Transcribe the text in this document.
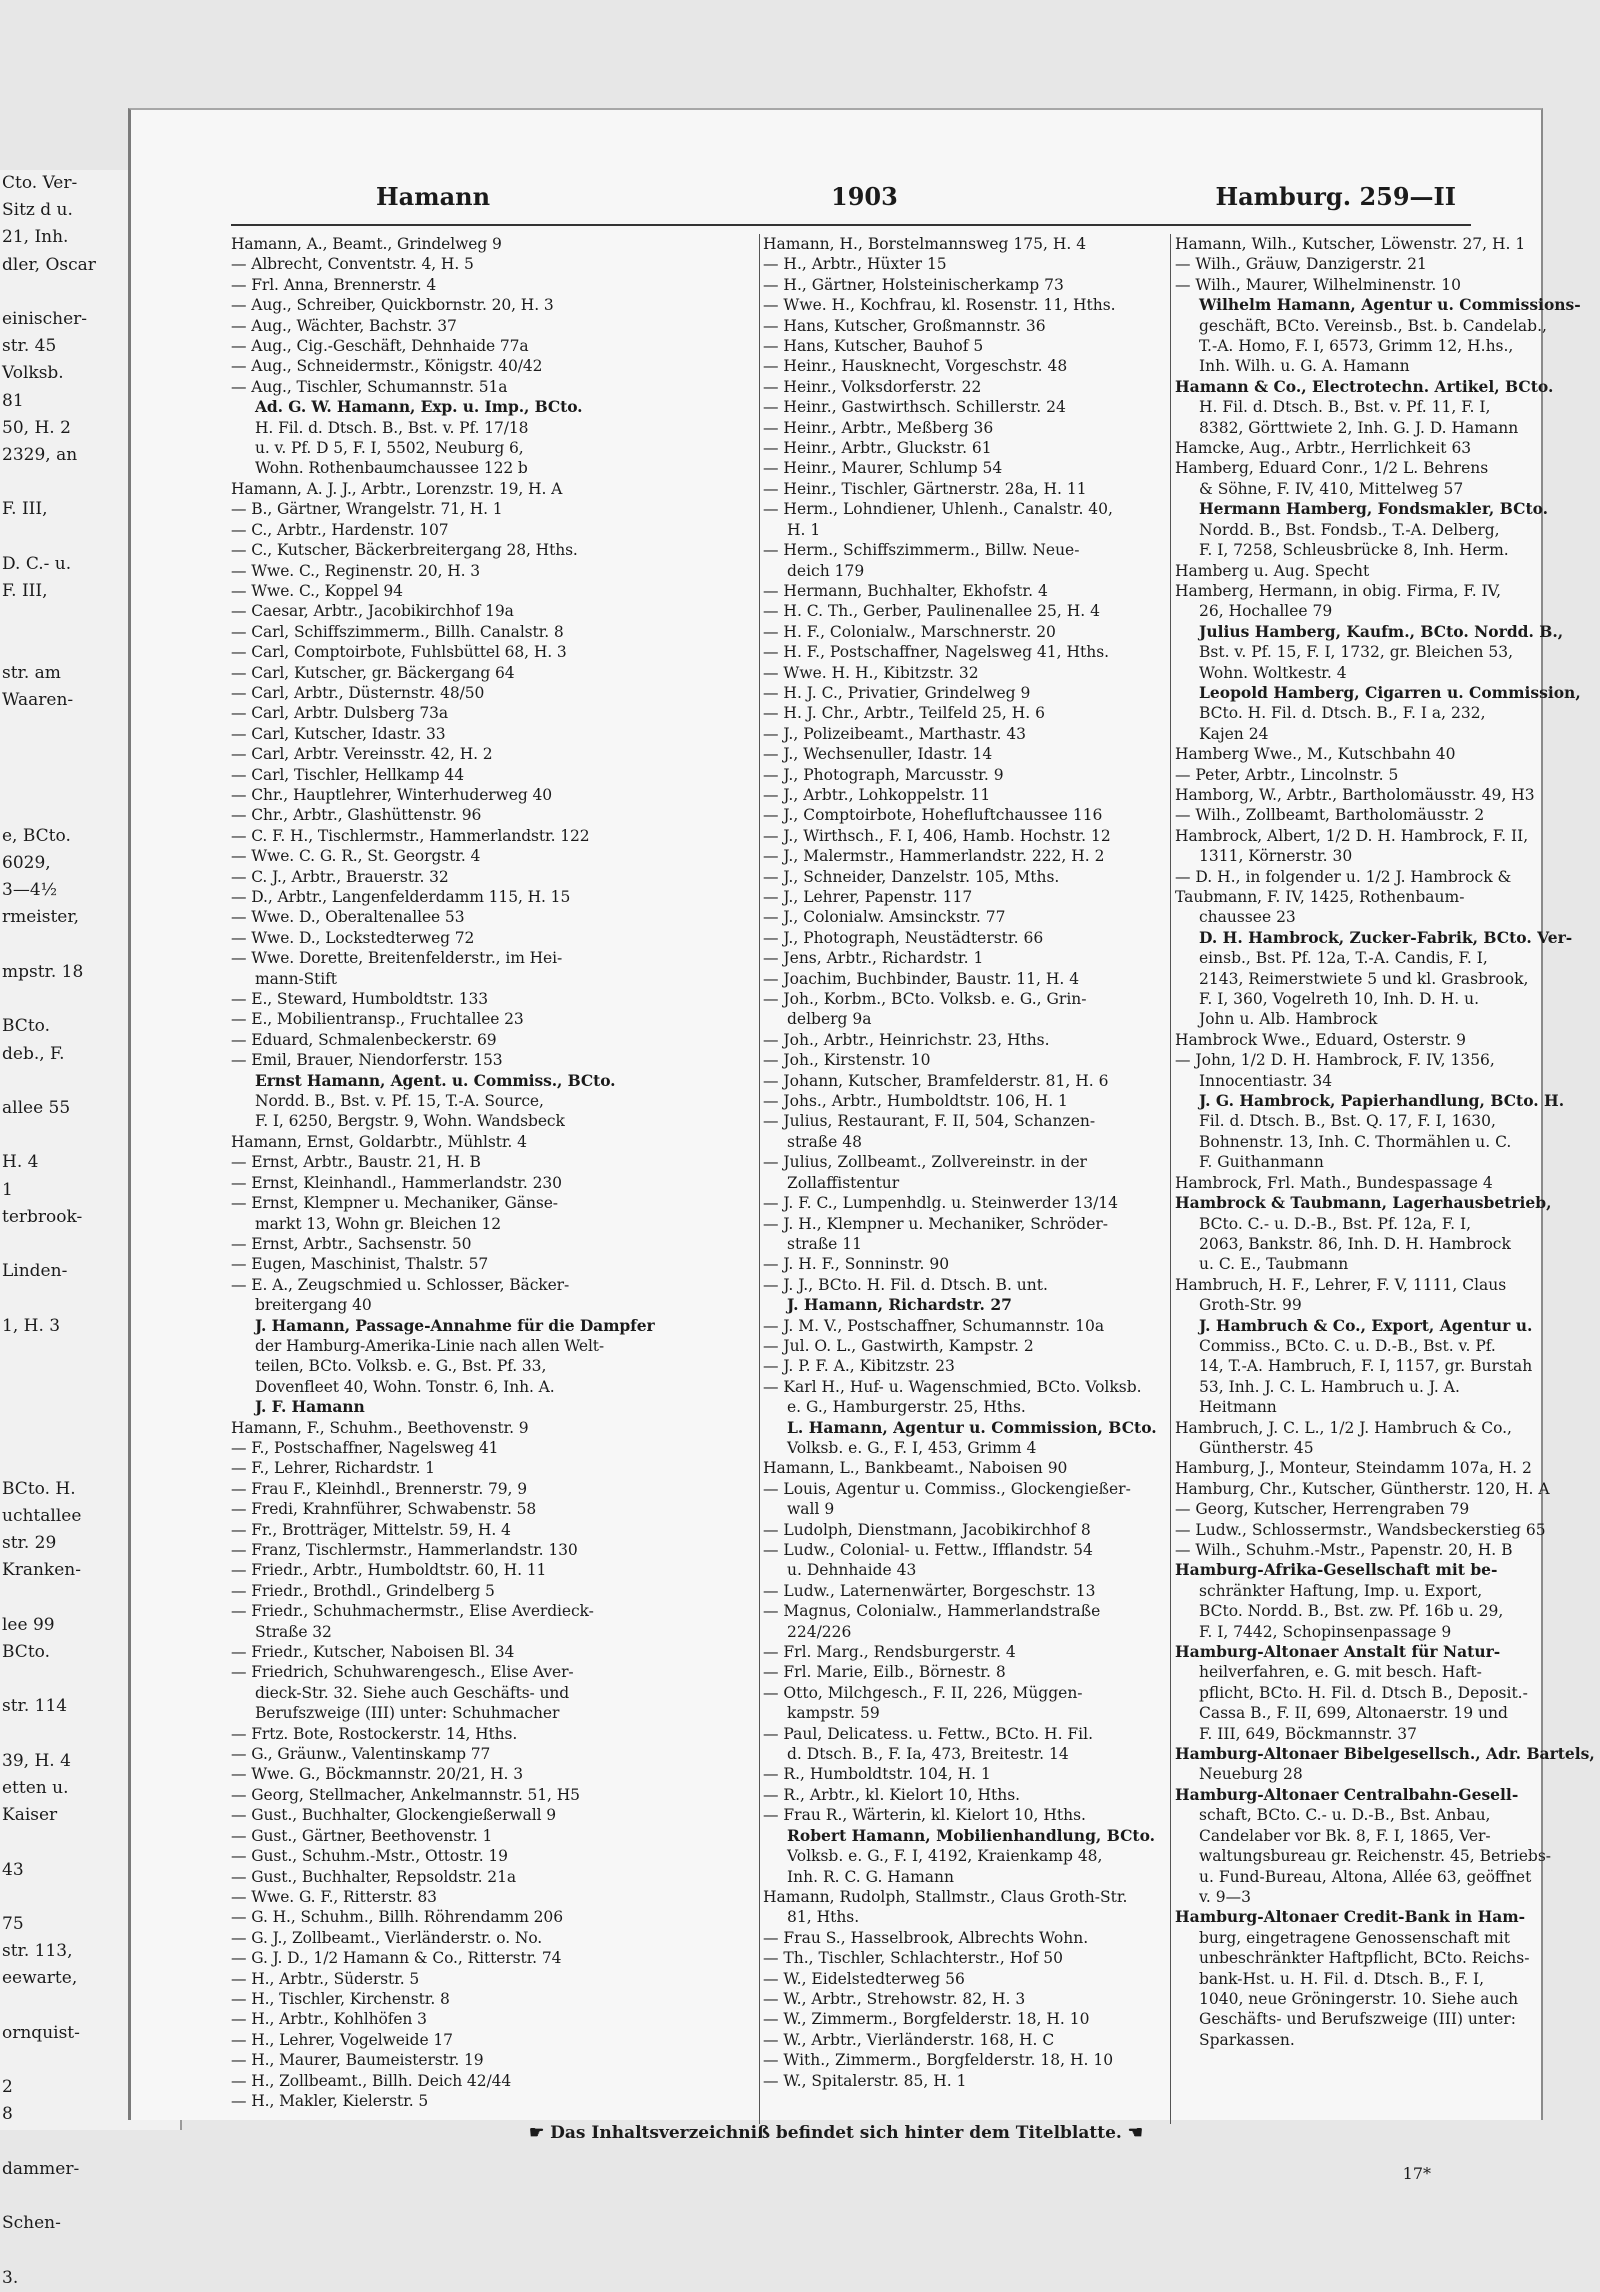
Cto. Ver-
Sitz d u.
21, Inh.
dler, Oscar

einischer-
str. 45
Volksb.
81
50, H. 2
2329, an

F. III,

D. C.- u.
F. III,

str. am
Waaren-

e, BCto.
6029,
3—4½
rmeister,

mpstr. 18

BCto.
deb., F.

allee 55

H. 4
1
terbrook-

Linden-

1, H. 3

BCto. H.
uchtallee
str. 29
Kranken-

lee 99
BCto.

str. 114

39, H. 4
etten u.
Kaiser

43

75
str. 113,
eewarte,

ornquist-

2
8

dammer-

Schen-

3.
Hamann	1903	Hamburg. 259—II
Hamann, A., Beamt., Grindelweg 9
— Albrecht, Conventstr. 4, H. 5
— Frl. Anna, Brennerstr. 4
— Aug., Schreiber, Quickbornstr. 20, H. 3
— Aug., Wächter, Bachstr. 37
— Aug., Cig.-Geschäft, Dehnhaide 77a
— Aug., Schneidermstr., Königstr. 40/42
— Aug., Tischler, Schumannstr. 51a
Ad. G. W. Hamann, Exp. u. Imp., BCto.
H. Fil. d. Dtsch. B., Bst. v. Pf. 17/18
u. v. Pf. D 5, F. I, 5502, Neuburg 6,
Wohn. Rothenbaumchaussee 122 b
Hamann, A. J. J., Arbtr., Lorenzstr. 19, H. A
— B., Gärtner, Wrangelstr. 71, H. 1
— C., Arbtr., Hardenstr. 107
— C., Kutscher, Bäckerbreitergang 28, Hths.
— Wwe. C., Reginenstr. 20, H. 3
— Wwe. C., Koppel 94
— Caesar, Arbtr., Jacobikirchhof 19a
— Carl, Schiffszimmerm., Billh. Canalstr. 8
— Carl, Comptoirbote, Fuhlsbüttel 68, H. 3
— Carl, Kutscher, gr. Bäckergang 64
— Carl, Arbtr., Düsternstr. 48/50
— Carl, Arbtr. Dulsberg 73a
— Carl, Kutscher, Idastr. 33
— Carl, Arbtr. Vereinsstr. 42, H. 2
— Carl, Tischler, Hellkamp 44
— Chr., Hauptlehrer, Winterhuderweg 40
— Chr., Arbtr., Glashüttenstr. 96
— C. F. H., Tischlermstr., Hammerlandstr. 122
— Wwe. C. G. R., St. Georgstr. 4
— C. J., Arbtr., Brauerstr. 32
— D., Arbtr., Langenfelderdamm 115, H. 15
— Wwe. D., Oberaltenallee 53
— Wwe. D., Lockstedterweg 72
— Wwe. Dorette, Breitenfelderstr., im Hei-
mann-Stift
— E., Steward, Humboldtstr. 133
— E., Mobilientransp., Fruchtallee 23
— Eduard, Schmalenbeckerstr. 69
— Emil, Brauer, Niendorferstr. 153
Ernst Hamann, Agent. u. Commiss., BCto.
Nordd. B., Bst. v. Pf. 15, T.-A. Source,
F. I, 6250, Bergstr. 9, Wohn. Wandsbeck
Hamann, Ernst, Goldarbtr., Mühlstr. 4
— Ernst, Arbtr., Baustr. 21, H. B
— Ernst, Kleinhandl., Hammerlandstr. 230
— Ernst, Klempner u. Mechaniker, Gänse-
markt 13, Wohn gr. Bleichen 12
— Ernst, Arbtr., Sachsenstr. 50
— Eugen, Maschinist, Thalstr. 57
— E. A., Zeugschmied u. Schlosser, Bäcker-
breitergang 40
J. Hamann, Passage-Annahme für die Dampfer
der Hamburg-Amerika-Linie nach allen Welt-
teilen, BCto. Volksb. e. G., Bst. Pf. 33,
Dovenfleet 40, Wohn. Tonstr. 6, Inh. A.
J. F. Hamann
Hamann, F., Schuhm., Beethovenstr. 9
— F., Postschaffner, Nagelsweg 41
— F., Lehrer, Richardstr. 1
— Frau F., Kleinhdl., Brennerstr. 79, 9
— Fredi, Krahnführer, Schwabenstr. 58
— Fr., Brotträger, Mittelstr. 59, H. 4
— Franz, Tischlermstr., Hammerlandstr. 130
— Friedr., Arbtr., Humboldtstr. 60, H. 11
— Friedr., Brothdl., Grindelberg 5
— Friedr., Schuhmachermstr., Elise Averdieck-
Straße 32
— Friedr., Kutscher, Naboisen Bl. 34
— Friedrich, Schuhwarengesch., Elise Aver-
dieck-Str. 32. Siehe auch Geschäfts- und
Berufszweige (III) unter: Schuhmacher
— Frtz. Bote, Rostockerstr. 14, Hths.
— G., Gräunw., Valentinskamp 77
— Wwe. G., Böckmannstr. 20/21, H. 3
— Georg, Stellmacher, Ankelmannstr. 51, H5
— Gust., Buchhalter, Glockengießerwall 9
— Gust., Gärtner, Beethovenstr. 1
— Gust., Schuhm.-Mstr., Ottostr. 19
— Gust., Buchhalter, Repsoldstr. 21a
— Wwe. G. F., Ritterstr. 83
— G. H., Schuhm., Billh. Röhrendamm 206
— G. J., Zollbeamt., Vierländerstr. o. No.
— G. J. D., 1/2 Hamann & Co., Ritterstr. 74
— H., Arbtr., Süderstr. 5
— H., Tischler, Kirchenstr. 8
— H., Arbtr., Kohlhöfen 3
— H., Lehrer, Vogelweide 17
— H., Maurer, Baumeisterstr. 19
— H., Zollbeamt., Billh. Deich 42/44
— H., Makler, Kielerstr. 5
Hamann, H., Borstelmannsweg 175, H. 4
— H., Arbtr., Hüxter 15
— H., Gärtner, Holsteinischerkamp 73
— Wwe. H., Kochfrau, kl. Rosenstr. 11, Hths.
— Hans, Kutscher, Großmannstr. 36
— Hans, Kutscher, Bauhof 5
— Heinr., Hausknecht, Vorgeschstr. 48
— Heinr., Volksdorferstr. 22
— Heinr., Gastwirthsch. Schillerstr. 24
— Heinr., Arbtr., Meßberg 36
— Heinr., Arbtr., Gluckstr. 61
— Heinr., Maurer, Schlump 54
— Heinr., Tischler, Gärtnerstr. 28a, H. 11
— Herm., Lohndiener, Uhlenh., Canalstr. 40,
H. 1
— Herm., Schiffszimmerm., Billw. Neue-
deich 179
— Hermann, Buchhalter, Ekhofstr. 4
— H. C. Th., Gerber, Paulinenallee 25, H. 4
— H. F., Colonialw., Marschnerstr. 20
— H. F., Postschaffner, Nagelsweg 41, Hths.
— Wwe. H. H., Kibitzstr. 32
— H. J. C., Privatier, Grindelweg 9
— H. J. Chr., Arbtr., Teilfeld 25, H. 6
— J., Polizeibeamt., Marthastr. 43
— J., Wechsenuller, Idastr. 14
— J., Photograph, Marcusstr. 9
— J., Arbtr., Lohkoppelstr. 11
— J., Comptoirbote, Hohefluftchaussee 116
— J., Wirthsch., F. I, 406, Hamb. Hochstr. 12
— J., Malermstr., Hammerlandstr. 222, H. 2
— J., Schneider, Danzelstr. 105, Mths.
— J., Lehrer, Papenstr. 117
— J., Colonialw. Amsinckstr. 77
— J., Photograph, Neustädterstr. 66
— Jens, Arbtr., Richardstr. 1
— Joachim, Buchbinder, Baustr. 11, H. 4
— Joh., Korbm., BCto. Volksb. e. G., Grin-
delberg 9a
— Joh., Arbtr., Heinrichstr. 23, Hths.
— Joh., Kirstenstr. 10
— Johann, Kutscher, Bramfelderstr. 81, H. 6
— Johs., Arbtr., Humboldtstr. 106, H. 1
— Julius, Restaurant, F. II, 504, Schanzen-
straße 48
— Julius, Zollbeamt., Zollvereinstr. in der
Zollaffistentur
— J. F. C., Lumpenhdlg. u. Steinwerder 13/14
— J. H., Klempner u. Mechaniker, Schröder-
straße 11
— J. H. F., Sonninstr. 90
— J. J., BCto. H. Fil. d. Dtsch. B. unt.
J. Hamann, Richardstr. 27
— J. M. V., Postschaffner, Schumannstr. 10a
— Jul. O. L., Gastwirth, Kampstr. 2
— J. P. F. A., Kibitzstr. 23
— Karl H., Huf- u. Wagenschmied, BCto. Volksb.
e. G., Hamburgerstr. 25, Hths.
L. Hamann, Agentur u. Commission, BCto.
Volksb. e. G., F. I, 453, Grimm 4
Hamann, L., Bankbeamt., Naboisen 90
— Louis, Agentur u. Commiss., Glockengießer-
wall 9
— Ludolph, Dienstmann, Jacobikirchhof 8
— Ludw., Colonial- u. Fettw., Ifflandstr. 54
u. Dehnhaide 43
— Ludw., Laternenwärter, Borgeschstr. 13
— Magnus, Colonialw., Hammerlandstraße
224/226
— Frl. Marg., Rendsburgerstr. 4
— Frl. Marie, Eilb., Börnestr. 8
— Otto, Milchgesch., F. II, 226, Müggen-
kampstr. 59
— Paul, Delicatess. u. Fettw., BCto. H. Fil.
d. Dtsch. B., F. Ia, 473, Breitestr. 14
— R., Humboldtstr. 104, H. 1
— R., Arbtr., kl. Kielort 10, Hths.
— Frau R., Wärterin, kl. Kielort 10, Hths.
Robert Hamann, Mobilienhandlung, BCto.
Volksb. e. G., F. I, 4192, Kraienkamp 48,
Inh. R. C. G. Hamann
Hamann, Rudolph, Stallmstr., Claus Groth-Str.
81, Hths.
— Frau S., Hasselbrook, Albrechts Wohn.
— Th., Tischler, Schlachterstr., Hof 50
— W., Eidelstedterweg 56
— W., Arbtr., Strehowstr. 82, H. 3
— W., Zimmerm., Borgfelderstr. 18, H. 10
— W., Arbtr., Vierländerstr. 168, H. C
— With., Zimmerm., Borgfelderstr. 18, H. 10
— W., Spitalerstr. 85, H. 1
Hamann, Wilh., Kutscher, Löwenstr. 27, H. 1
— Wilh., Gräuw, Danzigerstr. 21
— Wilh., Maurer, Wilhelminenstr. 10
Wilhelm Hamann, Agentur u. Commissions-
geschäft, BCto. Vereinsb., Bst. b. Candelab.,
T.-A. Homo, F. I, 6573, Grimm 12, H.hs.,
Inh. Wilh. u. G. A. Hamann
Hamann & Co., Electrotechn. Artikel, BCto.
H. Fil. d. Dtsch. B., Bst. v. Pf. 11, F. I,
8382, Görttwiete 2, Inh. G. J. D. Hamann
Hamcke, Aug., Arbtr., Herrlichkeit 63
Hamberg, Eduard Conr., 1/2 L. Behrens
& Söhne, F. IV, 410, Mittelweg 57
Hermann Hamberg, Fondsmakler, BCto.
Nordd. B., Bst. Fondsb., T.-A. Delberg,
F. I, 7258, Schleusbrücke 8, Inh. Herm.
Hamberg u. Aug. Specht
Hamberg, Hermann, in obig. Firma, F. IV,
26, Hochallee 79
Julius Hamberg, Kaufm., BCto. Nordd. B.,
Bst. v. Pf. 15, F. I, 1732, gr. Bleichen 53,
Wohn. Woltkestr. 4
Leopold Hamberg, Cigarren u. Commission,
BCto. H. Fil. d. Dtsch. B., F. I a, 232,
Kajen 24
Hamberg Wwe., M., Kutschbahn 40
— Peter, Arbtr., Lincolnstr. 5
Hamborg, W., Arbtr., Bartholomäusstr. 49, H3
— Wilh., Zollbeamt, Bartholomäusstr. 2
Hambrock, Albert, 1/2 D. H. Hambrock, F. II,
1311, Körnerstr. 30
— D. H., in folgender u. 1/2 J. Hambrock &
Taubmann, F. IV, 1425, Rothenbaum-
chaussee 23
D. H. Hambrock, Zucker-Fabrik, BCto. Ver-
einsb., Bst. Pf. 12a, T.-A. Candis, F. I,
2143, Reimerstwiete 5 und kl. Grasbrook,
F. I, 360, Vogelreth 10, Inh. D. H. u.
John u. Alb. Hambrock
Hambrock Wwe., Eduard, Osterstr. 9
— John, 1/2 D. H. Hambrock, F. IV, 1356,
Innocentiastr. 34
J. G. Hambrock, Papierhandlung, BCto. H.
Fil. d. Dtsch. B., Bst. Q. 17, F. I, 1630,
Bohnenstr. 13, Inh. C. Thormählen u. C.
F. Guithanmann
Hambrock, Frl. Math., Bundespassage 4
Hambrock & Taubmann, Lagerhausbetrieb,
BCto. C.- u. D.-B., Bst. Pf. 12a, F. I,
2063, Bankstr. 86, Inh. D. H. Hambrock
u. C. E., Taubmann
Hambruch, H. F., Lehrer, F. V, 1111, Claus
Groth-Str. 99
J. Hambruch & Co., Export, Agentur u.
Commiss., BCto. C. u. D.-B., Bst. v. Pf.
14, T.-A. Hambruch, F. I, 1157, gr. Burstah
53, Inh. J. C. L. Hambruch u. J. A.
Heitmann
Hambruch, J. C. L., 1/2 J. Hambruch & Co.,
Güntherstr. 45
Hamburg, J., Monteur, Steindamm 107a, H. 2
Hamburg, Chr., Kutscher, Güntherstr. 120, H. A
— Georg, Kutscher, Herrengraben 79
— Ludw., Schlossermstr., Wandsbeckerstieg 65
— Wilh., Schuhm.-Mstr., Papenstr. 20, H. B
Hamburg-Afrika-Gesellschaft mit be-
schränkter Haftung, Imp. u. Export,
BCto. Nordd. B., Bst. zw. Pf. 16b u. 29,
F. I, 7442, Schopinsenpassage 9
Hamburg-Altonaer Anstalt für Natur-
heilverfahren, e. G. mit besch. Haft-
pflicht, BCto. H. Fil. d. Dtsch B., Deposit.-
Cassa B., F. II, 699, Altonaerstr. 19 und
F. III, 649, Böckmannstr. 37
Hamburg-Altonaer Bibelgesellsch., Adr. Bartels,
Neueburg 28
Hamburg-Altonaer Centralbahn-Gesell-
schaft, BCto. C.- u. D.-B., Bst. Anbau,
Candelaber vor Bk. 8, F. I, 1865, Ver-
waltungsbureau gr. Reichenstr. 45, Betriebs-
u. Fund-Bureau, Altona, Allée 63, geöffnet
v. 9—3
Hamburg-Altonaer Credit-Bank in Ham-
burg, eingetragene Genossenschaft mit
unbeschränkter Haftpflicht, BCto. Reichs-
bank-Hst. u. H. Fil. d. Dtsch. B., F. I,
1040, neue Gröningerstr. 10. Siehe auch
Geschäfts- und Berufszweige (III) unter:
Sparkassen.
☛ Das Inhaltsverzeichniß befindet sich hinter dem Titelblatte. ☚
17*
